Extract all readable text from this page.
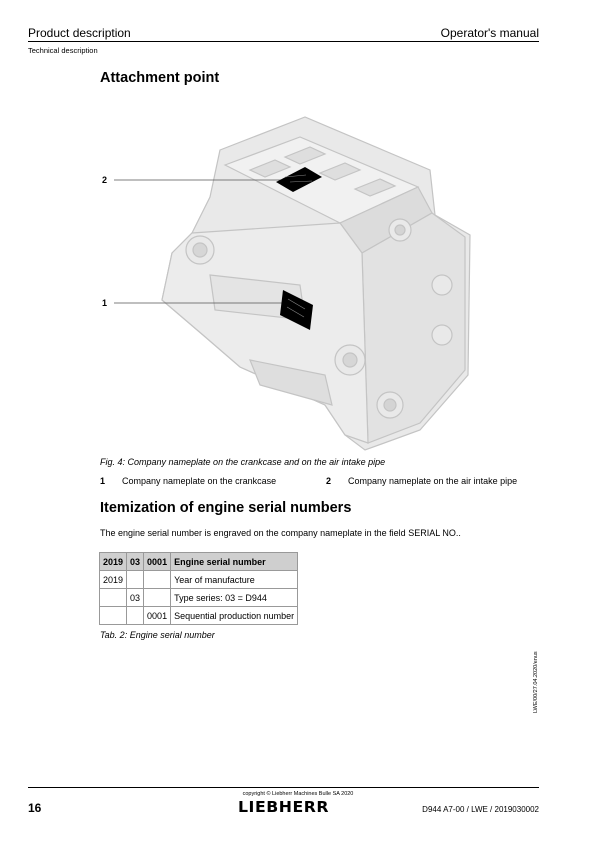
Product description	Operator's manual
Technical description
Attachment point
2
1
Fig. 4: Company nameplate on the crankcase and on the air intake pipe
1 Company nameplate on the crankcase	2 Company nameplate on the air intake pipe
Itemization of engine serial numbers
The engine serial number is engraved on the company nameplate in the field SERIAL NO..
2019	03	0001	Engine serial number
2019			Year of manufacture
	03		Type series: 03 = D944
		0001	Sequential production number
Tab. 2: Engine serial number
LWE/00/27.04.2020/enus
copyright © Liebherr Machines Bulle SA 2020
LIEBHERR
16	D944 A7-00 / LWE / 2019030002
